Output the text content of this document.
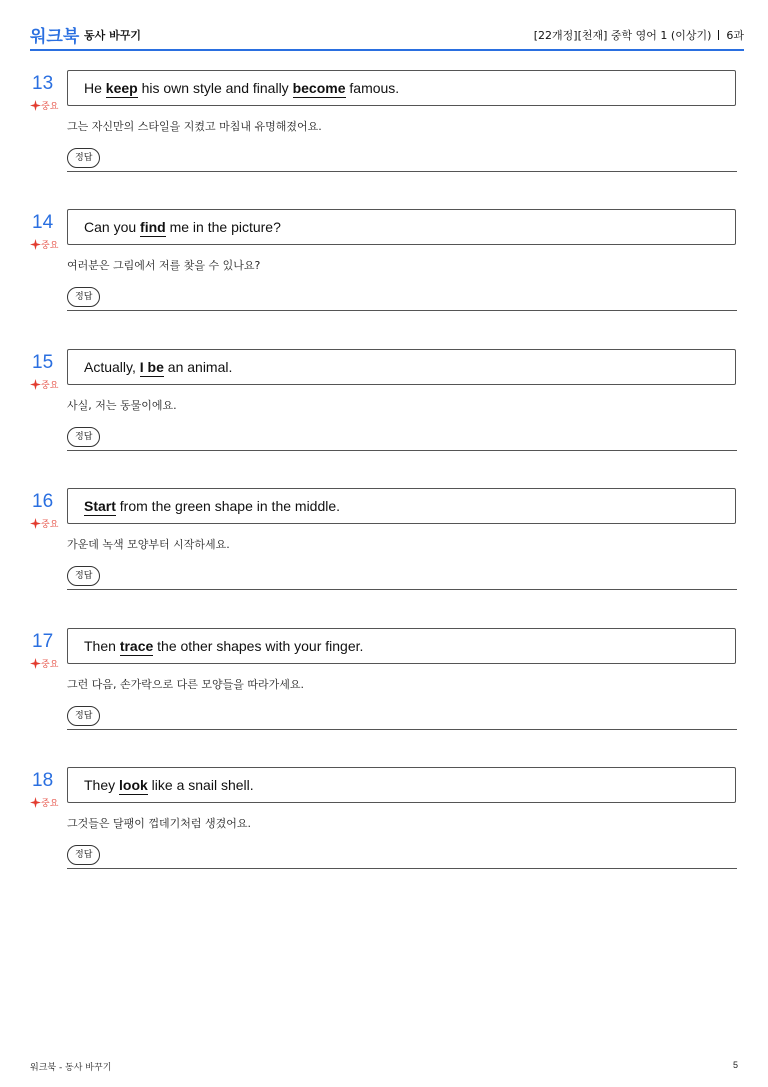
워크북 동사 바꾸기	[22개정][천재] 중학 영어 1 (이상기) 6과
13
중요
He keep his own style and finally become famous.
그는 자신만의 스타일을 지켰고 마침내 유명해졌어요.
정답
14
중요
Can you find me in the picture?
여러분은 그림에서 저를 찾을 수 있나요?
정답
15
중요
Actually, I be an animal.
사실, 저는 동물이에요.
정답
16
중요
Start from the green shape in the middle.
가운데 녹색 모양부터 시작하세요.
정답
17
중요
Then trace the other shapes with your finger.
그런 다음, 손가락으로 다른 모양들을 따라가세요.
정답
18
중요
They look like a snail shell.
그것들은 달팽이 껍데기처럼 생겼어요.
정답
워크북 - 동사 바꾸기	5
